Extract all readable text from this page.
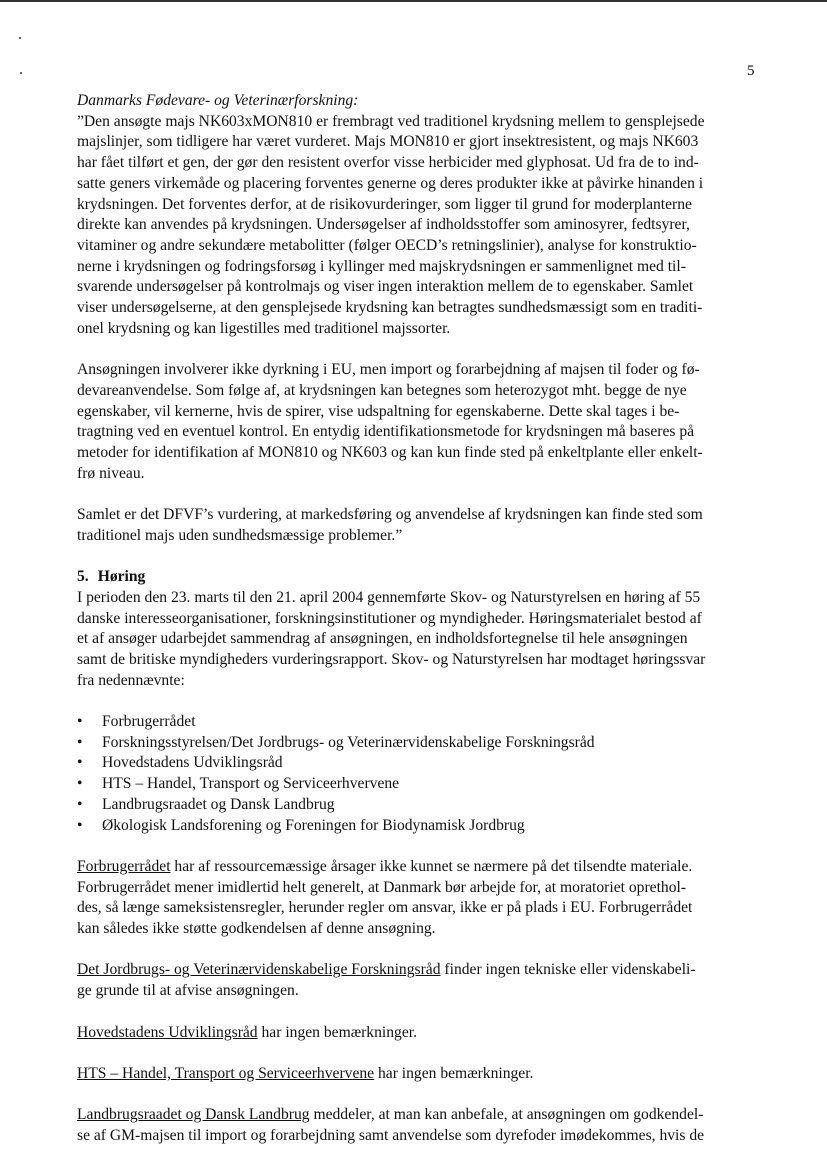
5

Danmarks Fødevare- og Veterinærforskning:

”Den ansøgte majs NK603xMON810 er frembragt ved traditionel krydsning mellem to gensplejsede

majslinjer, som tidligere har været vurderet. Majs MON810 er gjort insektresistent, og majs NK603

har fået tilført et gen, der gør den resistent overfor visse herbicider med glyphosat. Ud fra de to ind-

satte geners virkemåde og placering forventes generne og deres produkter ikke at påvirke hinanden i

krydsningen. Det forventes derfor, at de risikovurderinger, som ligger til grund for moderplanterne

direkte kan anvendes på krydsningen. Undersøgelser af indholdsstoffer som aminosyrer, fedtsyrer,

vitaminer og andre sekundære metabolitter (følger OECD’s retningslinier), analyse for konstruktio-

nerne i krydsningen og fodringsforsøg i kyllinger med majskrydsningen er sammenlignet med til-

svarende undersøgelser på kontrolmajs og viser ingen interaktion mellem de to egenskaber. Samlet

viser undersøgelserne, at den gensplejsede krydsning kan betragtes sundhedsmæssigt som en traditi-

onel krydsning og kan ligestilles med traditionel majssorter.

Ansøgningen involverer ikke dyrkning i EU, men import og forarbejdning af majsen til foder og fø-

devareanvendelse. Som følge af, at krydsningen kan betegnes som heterozygot mht. begge de nye

egenskaber, vil kernerne, hvis de spirer, vise udspaltning for egenskaberne. Dette skal tages i be-

tragtning ved en eventuel kontrol. En entydig identifikationsmetode for krydsningen må baseres på

metoder for identifikation af MON810 og NK603 og kan kun finde sted på enkeltplante eller enkelt-

frø niveau.

Samlet er det DFVF’s vurdering, at markedsføring og anvendelse af krydsningen kan finde sted som

traditionel majs uden sundhedsmæssige problemer.”

5. Høring

I perioden den 23. marts til den 21. april 2004 gennemførte Skov- og Naturstyrelsen en høring af 55

danske interesseorganisationer, forskningsinstitutioner og myndigheder. Høringsmaterialet bestod af

et af ansøger udarbejdet sammendrag af ansøgningen, en indholdsfortegnelse til hele ansøgningen

samt de britiske myndigheders vurderingsrapport. Skov- og Naturstyrelsen har modtaget høringssvar

fra nedennævnte:

• Forbrugerrådet
• Forskningsstyrelsen/Det Jordbrugs- og Veterinærvidenskabelige Forskningsråd
• Hovedstadens Udviklingsråd
• HTS – Handel, Transport og Serviceerhvervene
• Landbrugsraadet og Dansk Landbrug
• Økologisk Landsforening og Foreningen for Biodynamisk Jordbrug

Forbrugerrådet har af ressourcemæssige årsager ikke kunnet se nærmere på det tilsendte materiale.

Forbrugerrådet mener imidlertid helt generelt, at Danmark bør arbejde for, at moratoriet oprethol-

des, så længe sameksistensregler, herunder regler om ansvar, ikke er på plads i EU. Forbrugerrådet

kan således ikke støtte godkendelsen af denne ansøgning.

Det Jordbrugs- og Veterinærvidenskabelige Forskningsråd finder ingen tekniske eller videnskabeli-

ge grunde til at afvise ansøgningen.

Hovedstadens Udviklingsråd har ingen bemærkninger.

HTS – Handel, Transport og Serviceerhvervene har ingen bemærkninger.

Landbrugsraadet og Dansk Landbrug meddeler, at man kan anbefale, at ansøgningen om godkendel-

se af GM-majsen til import og forarbejdning samt anvendelse som dyrefoder imødekommes, hvis de
